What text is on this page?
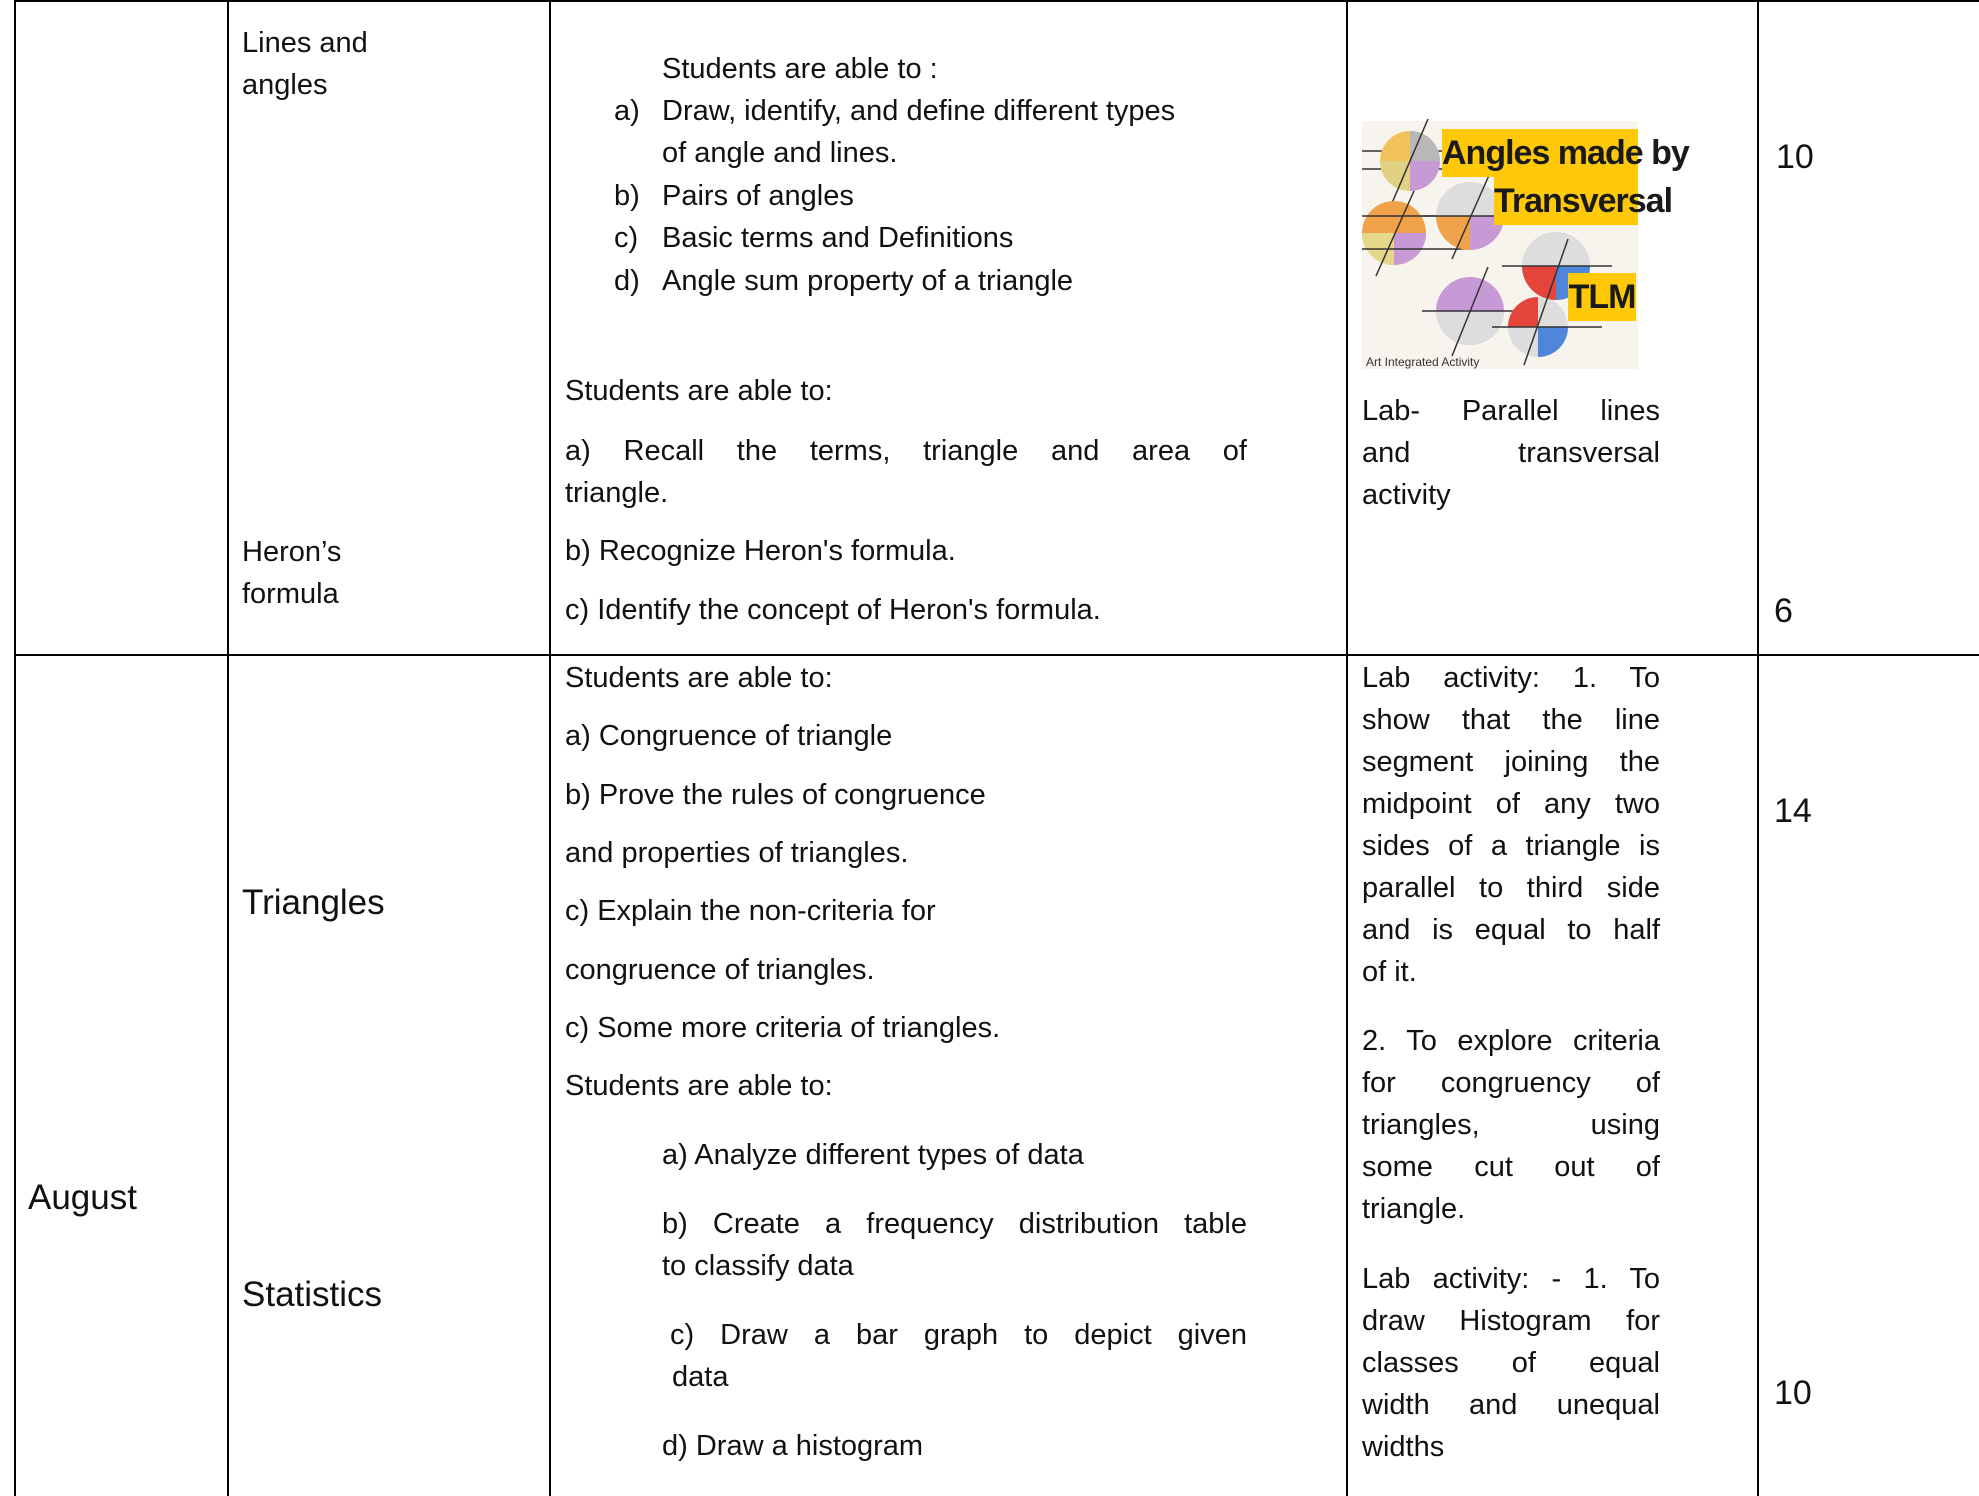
Lines and
angles
Heron’s
formula
Students are able to :
a) Draw, identify, and define different types
of angle and lines.
b) Pairs of angles
c) Basic terms and Definitions
d) Angle sum property of a triangle
Students are able to:
a) Recall the terms, triangle and area of
triangle.
b) Recognize Heron's formula.
c) Identify the concept of Heron's formula.
Angles made by
Transversal
TLM
Art Integrated Activity
Lab- Parallel lines
and transversal
activity
10
6
August
Triangles
Statistics
Students are able to:
a) Congruence of triangle
b) Prove the rules of congruence
and properties of triangles.
c) Explain the non-criteria for
congruence of triangles.
c) Some more criteria of triangles.
Students are able to:
a) Analyze different types of data
b) Create a frequency distribution table
to classify data
c) Draw a bar graph to depict given
data
d) Draw a histogram
Lab activity: 1. To
show that the line
segment joining the
midpoint of any two
sides of a triangle is
parallel to third side
and is equal to half
of it.
2. To explore criteria
for congruency of
triangles, using
some cut out of
triangle.
Lab activity: - 1. To
draw Histogram for
classes of equal
width and unequal
widths
14
10
